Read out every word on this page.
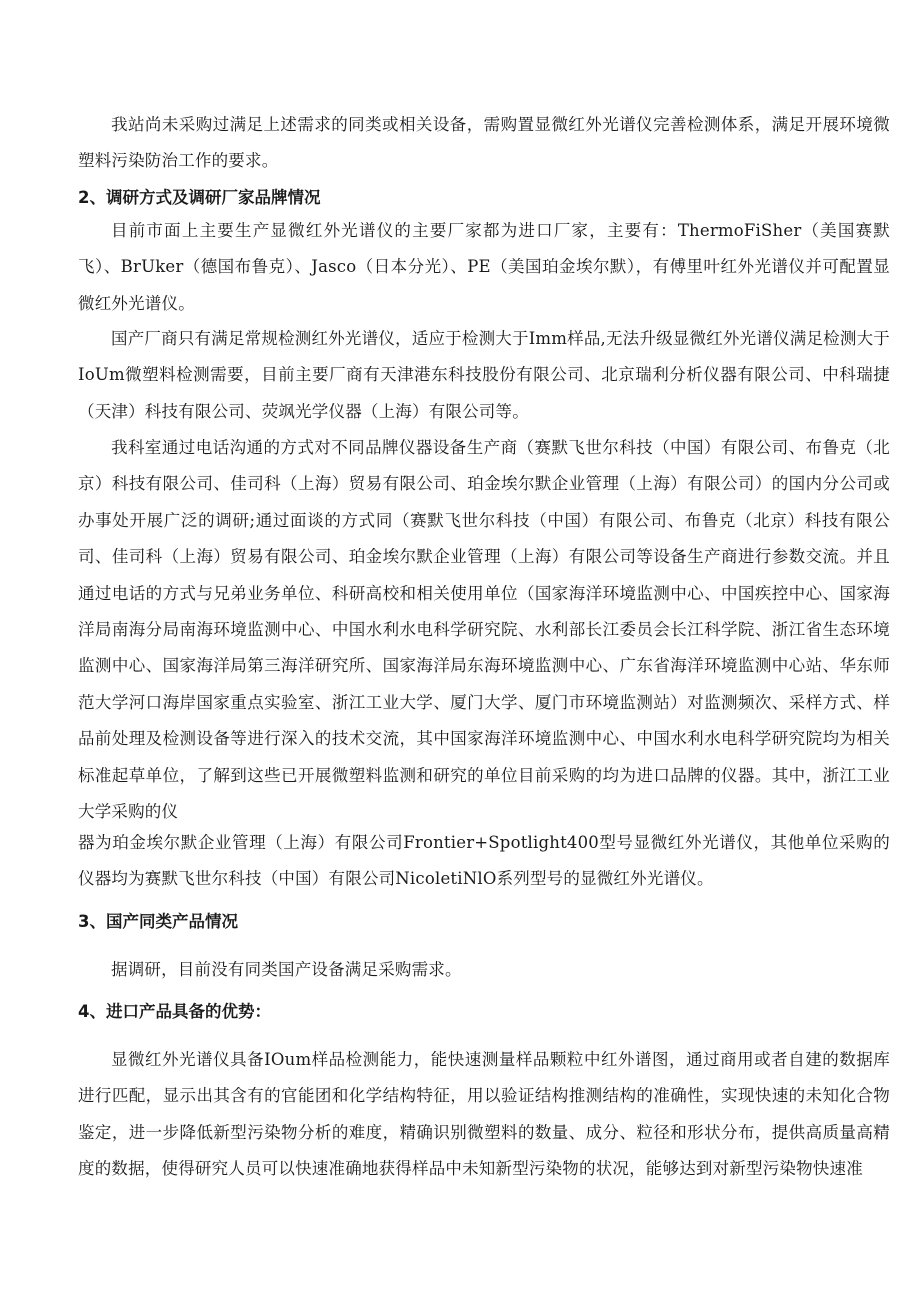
我站尚未采购过满足上述需求的同类或相关设备，需购置显微红外光谱仪完善检测体系，满足开展环境微塑料污染防治工作的要求。

2、调研方式及调研厂家品牌情况

目前市面上主要生产显微红外光谱仪的主要厂家都为进口厂家，主要有：ThermoFiSher（美国赛默飞）、BrUker（德国布鲁克）、Jasco（日本分光）、PE（美国珀金埃尔默），有傅里叶红外光谱仪并可配置显微红外光谱仪。

国产厂商只有满足常规检测红外光谱仪，适应于检测大于Imm样品,无法升级显微红外光谱仪满足检测大于IoUm微塑料检测需要，目前主要厂商有天津港东科技股份有限公司、北京瑞利分析仪器有限公司、中科瑞捷（天津）科技有限公司、荧飒光学仪器（上海）有限公司等。

我科室通过电话沟通的方式对不同品牌仪器设备生产商（赛默飞世尔科技（中国）有限公司、布鲁克（北京）科技有限公司、佳司科（上海）贸易有限公司、珀金埃尔默企业管理（上海）有限公司）的国内分公司或办事处开展广泛的调研;通过面谈的方式同（赛默飞世尔科技（中国）有限公司、布鲁克（北京）科技有限公司、佳司科（上海）贸易有限公司、珀金埃尔默企业管理（上海）有限公司等设备生产商进行参数交流。并且通过电话的方式与兄弟业务单位、科研高校和相关使用单位（国家海洋环境监测中心、中国疾控中心、国家海洋局南海分局南海环境监测中心、中国水利水电科学研究院、水利部长江委员会长江科学院、浙江省生态环境监测中心、国家海洋局第三海洋研究所、国家海洋局东海环境监测中心、广东省海洋环境监测中心站、华东师范大学河口海岸国家重点实验室、浙江工业大学、厦门大学、厦门市环境监测站）对监测频次、采样方式、样品前处理及检测设备等进行深入的技术交流，其中国家海洋环境监测中心、中国水利水电科学研究院均为相关标准起草单位，了解到这些已开展微塑料监测和研究的单位目前采购的均为进口品牌的仪器。其中，浙江工业大学采购的仪

器为珀金埃尔默企业管理（上海）有限公司Frontier+Spotlight400型号显微红外光谱仪，其他单位采购的仪器均为赛默飞世尔科技（中国）有限公司NicoletiNlO系列型号的显微红外光谱仪。

3、国产同类产品情况

据调研，目前没有同类国产设备满足采购需求。

4、进口产品具备的优势：

显微红外光谱仪具备IOum样品检测能力，能快速测量样品颗粒中红外谱图，通过商用或者自建的数据库进行匹配，显示出其含有的官能团和化学结构特征，用以验证结构推测结构的准确性，实现快速的未知化合物鉴定，进一步降低新型污染物分析的难度，精确识别微塑料的数量、成分、粒径和形状分布，提供高质量高精度的数据，使得研究人员可以快速准确地获得样品中未知新型污染物的状况，能够达到对新型污染物快速准
